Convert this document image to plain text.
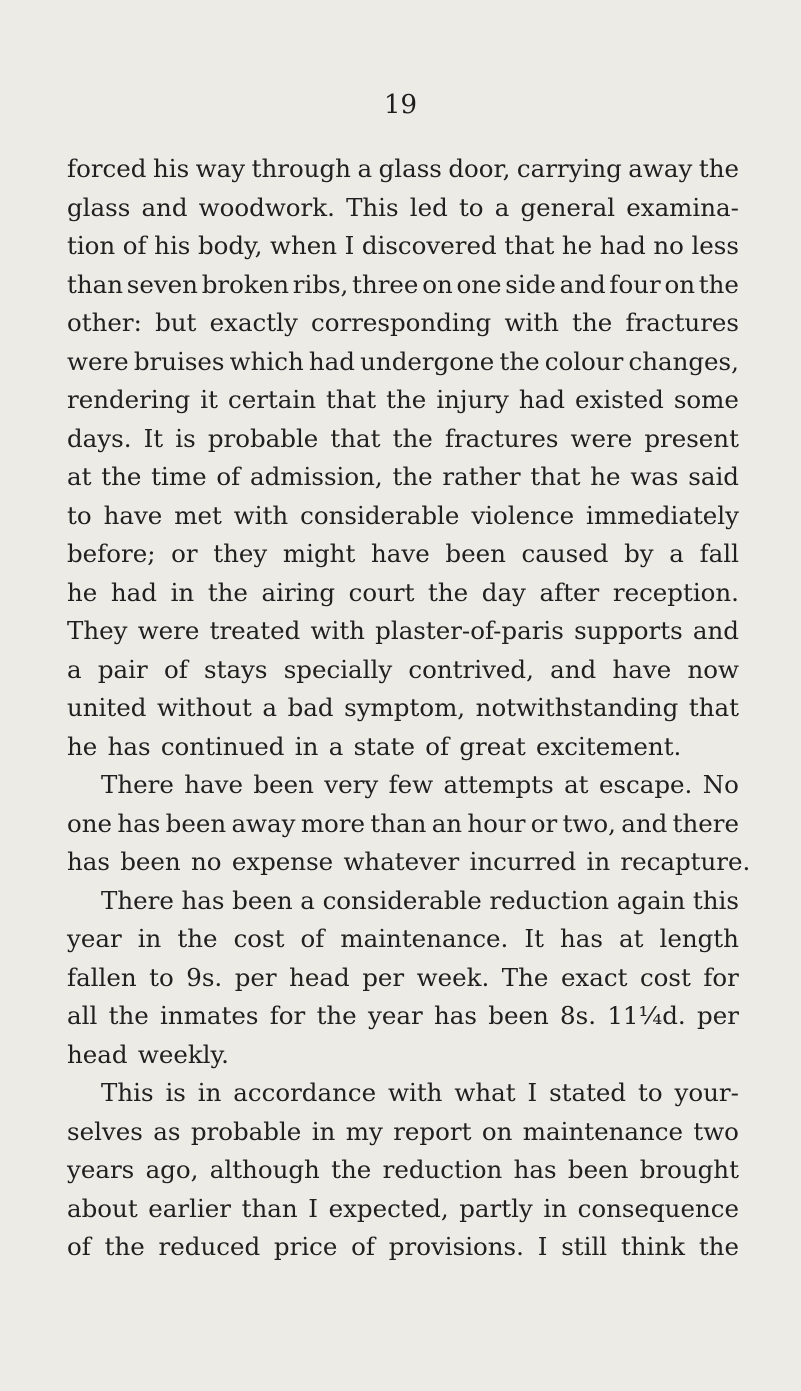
19
forced his way through a glass door, carrying away the
glass and woodwork. This led to a general examina-
tion of his body, when I discovered that he had no less
than seven broken ribs, three on one side and four on the
other: but exactly corresponding with the fractures
were bruises which had undergone the colour changes,
rendering it certain that the injury had existed some
days. It is probable that the fractures were present
at the time of admission, the rather that he was said
to have met with considerable violence immediately
before; or they might have been caused by a fall
he had in the airing court the day after reception.
They were treated with plaster-of-paris supports and
a pair of stays specially contrived, and have now
united without a bad symptom, notwithstanding that
he has continued in a state of great excitement.
There have been very few attempts at escape. No
one has been away more than an hour or two, and there
has been no expense whatever incurred in recapture.
There has been a considerable reduction again this
year in the cost of maintenance. It has at length
fallen to 9s. per head per week. The exact cost for
all the inmates for the year has been 8s. 11¼d. per
head weekly.
This is in accordance with what I stated to your-
selves as probable in my report on maintenance two
years ago, although the reduction has been brought
about earlier than I expected, partly in consequence
of the reduced price of provisions. I still think the
